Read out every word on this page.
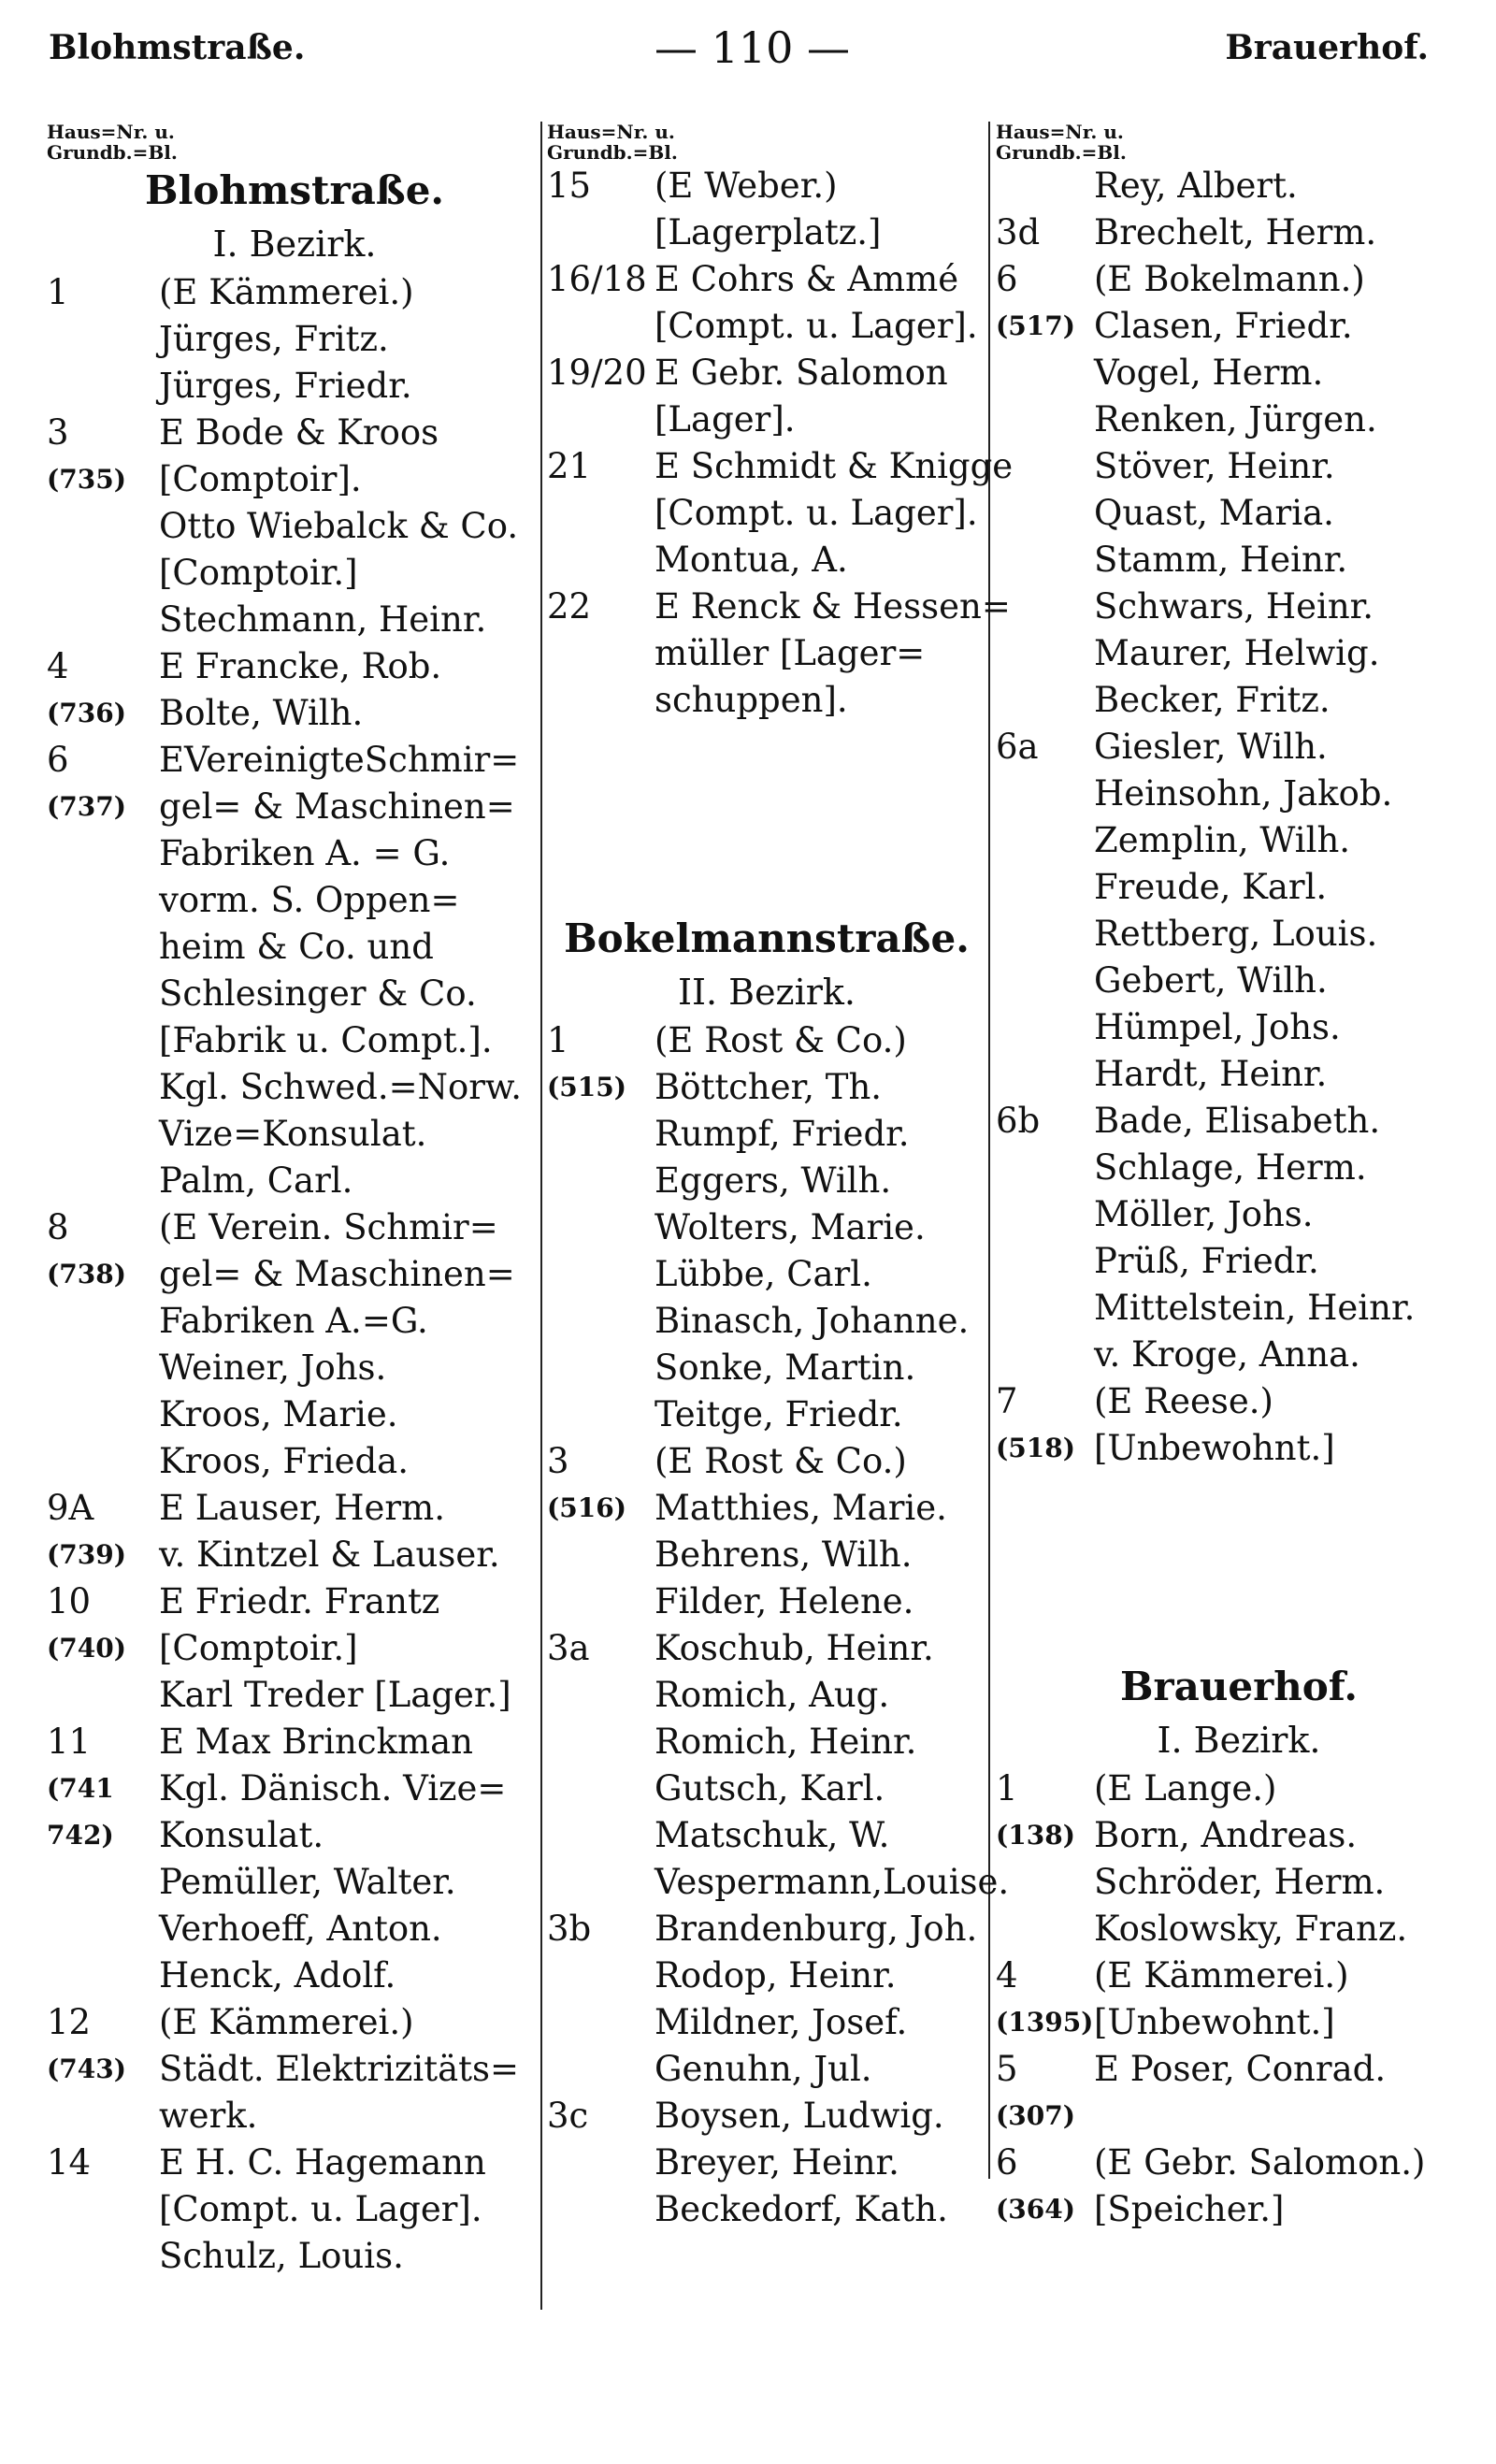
Blohmstraße.	— 110 —	Brauerhof.
Haus=Nr. u.
Grundb.=Bl.
Blohmstraße.
I. Bezirk.
1	(E Kämmerei.)
Jürges, Fritz.
Jürges, Friedr.
3	E Bode & Kroos
(735) [Comptoir].
Otto Wiebalck & Co.
[Comptoir.]
Stechmann, Heinr.
4	E Francke, Rob.
(736) Bolte, Wilh.
6	EVereinigteSchmir=
(737) gel= & Maschinen=
Fabriken A. = G.
vorm. S. Oppen=
heim & Co. und
Schlesinger & Co.
[Fabrik u. Compt.].
Kgl. Schwed.=Norw.
Vize=Konsulat.
Palm, Carl.
8	(E Verein. Schmir=
(738) gel= & Maschinen=
Fabriken A.=G.
Weiner, Johs.
Kroos, Marie.
Kroos, Frieda.
9A E Lauser, Herm.
(739) v. Kintzel & Lauser.
10 E Friedr. Frantz
(740) [Comptoir.]
Karl Treder [Lager.]
11 E Max Brinckman
(741 Kgl. Dänisch. Vize=
742) Konsulat.
Pemüller, Walter.
Verhoeff, Anton.
Henck, Adolf.
12 (E Kämmerei.)
(743) Städt. Elektrizitäts=
werk.
14 E H. C. Hagemann
[Compt. u. Lager].
Schulz, Louis.
Haus=Nr. u.
Grundb.=Bl.
15 (E Weber.)
[Lagerplatz.]
16/18 E Cohrs & Ammé
[Compt. u. Lager].
19/20 E Gebr. Salomon
[Lager].
21 E Schmidt & Knigge
[Compt. u. Lager].
Montua, A.
22 E Renck & Hessen=
müller [Lager=
schuppen].
Bokelmannstraße.
II. Bezirk.
1 (E Rost & Co.)
(515) Böttcher, Th.
Rumpf, Friedr.
Eggers, Wilh.
Wolters, Marie.
Lübbe, Carl.
Binasch, Johanne.
Sonke, Martin.
Teitge, Friedr.
3 (E Rost & Co.)
(516) Matthies, Marie.
Behrens, Wilh.
Filder, Helene.
3a Koschub, Heinr.
Romich, Aug.
Romich, Heinr.
Gutsch, Karl.
Matschuk, W.
Vespermann,Louise.
3b Brandenburg, Joh.
Rodop, Heinr.
Mildner, Josef.
Genuhn, Jul.
3c Boysen, Ludwig.
Breyer, Heinr.
Beckedorf, Kath.
Haus=Nr. u.
Grundb.=Bl.
Rey, Albert.
3d Brechelt, Herm.
6 (E Bokelmann.)
(517) Clasen, Friedr.
Vogel, Herm.
Renken, Jürgen.
Stöver, Heinr.
Quast, Maria.
Stamm, Heinr.
Schwars, Heinr.
Maurer, Helwig.
Becker, Fritz.
6a Giesler, Wilh.
Heinsohn, Jakob.
Zemplin, Wilh.
Freude, Karl.
Rettberg, Louis.
Gebert, Wilh.
Hümpel, Johs.
Hardt, Heinr.
6b Bade, Elisabeth.
Schlage, Herm.
Möller, Johs.
Prüß, Friedr.
Mittelstein, Heinr.
v. Kroge, Anna.
7 (E Reese.)
(518) [Unbewohnt.]
Brauerhof.
I. Bezirk.
1 (E Lange.)
(138) Born, Andreas.
Schröder, Herm.
Koslowsky, Franz.
4 (E Kämmerei.)
(1395) [Unbewohnt.]
5 E Poser, Conrad.
(307)
6 (E Gebr. Salomon.)
(364) [Speicher.]
